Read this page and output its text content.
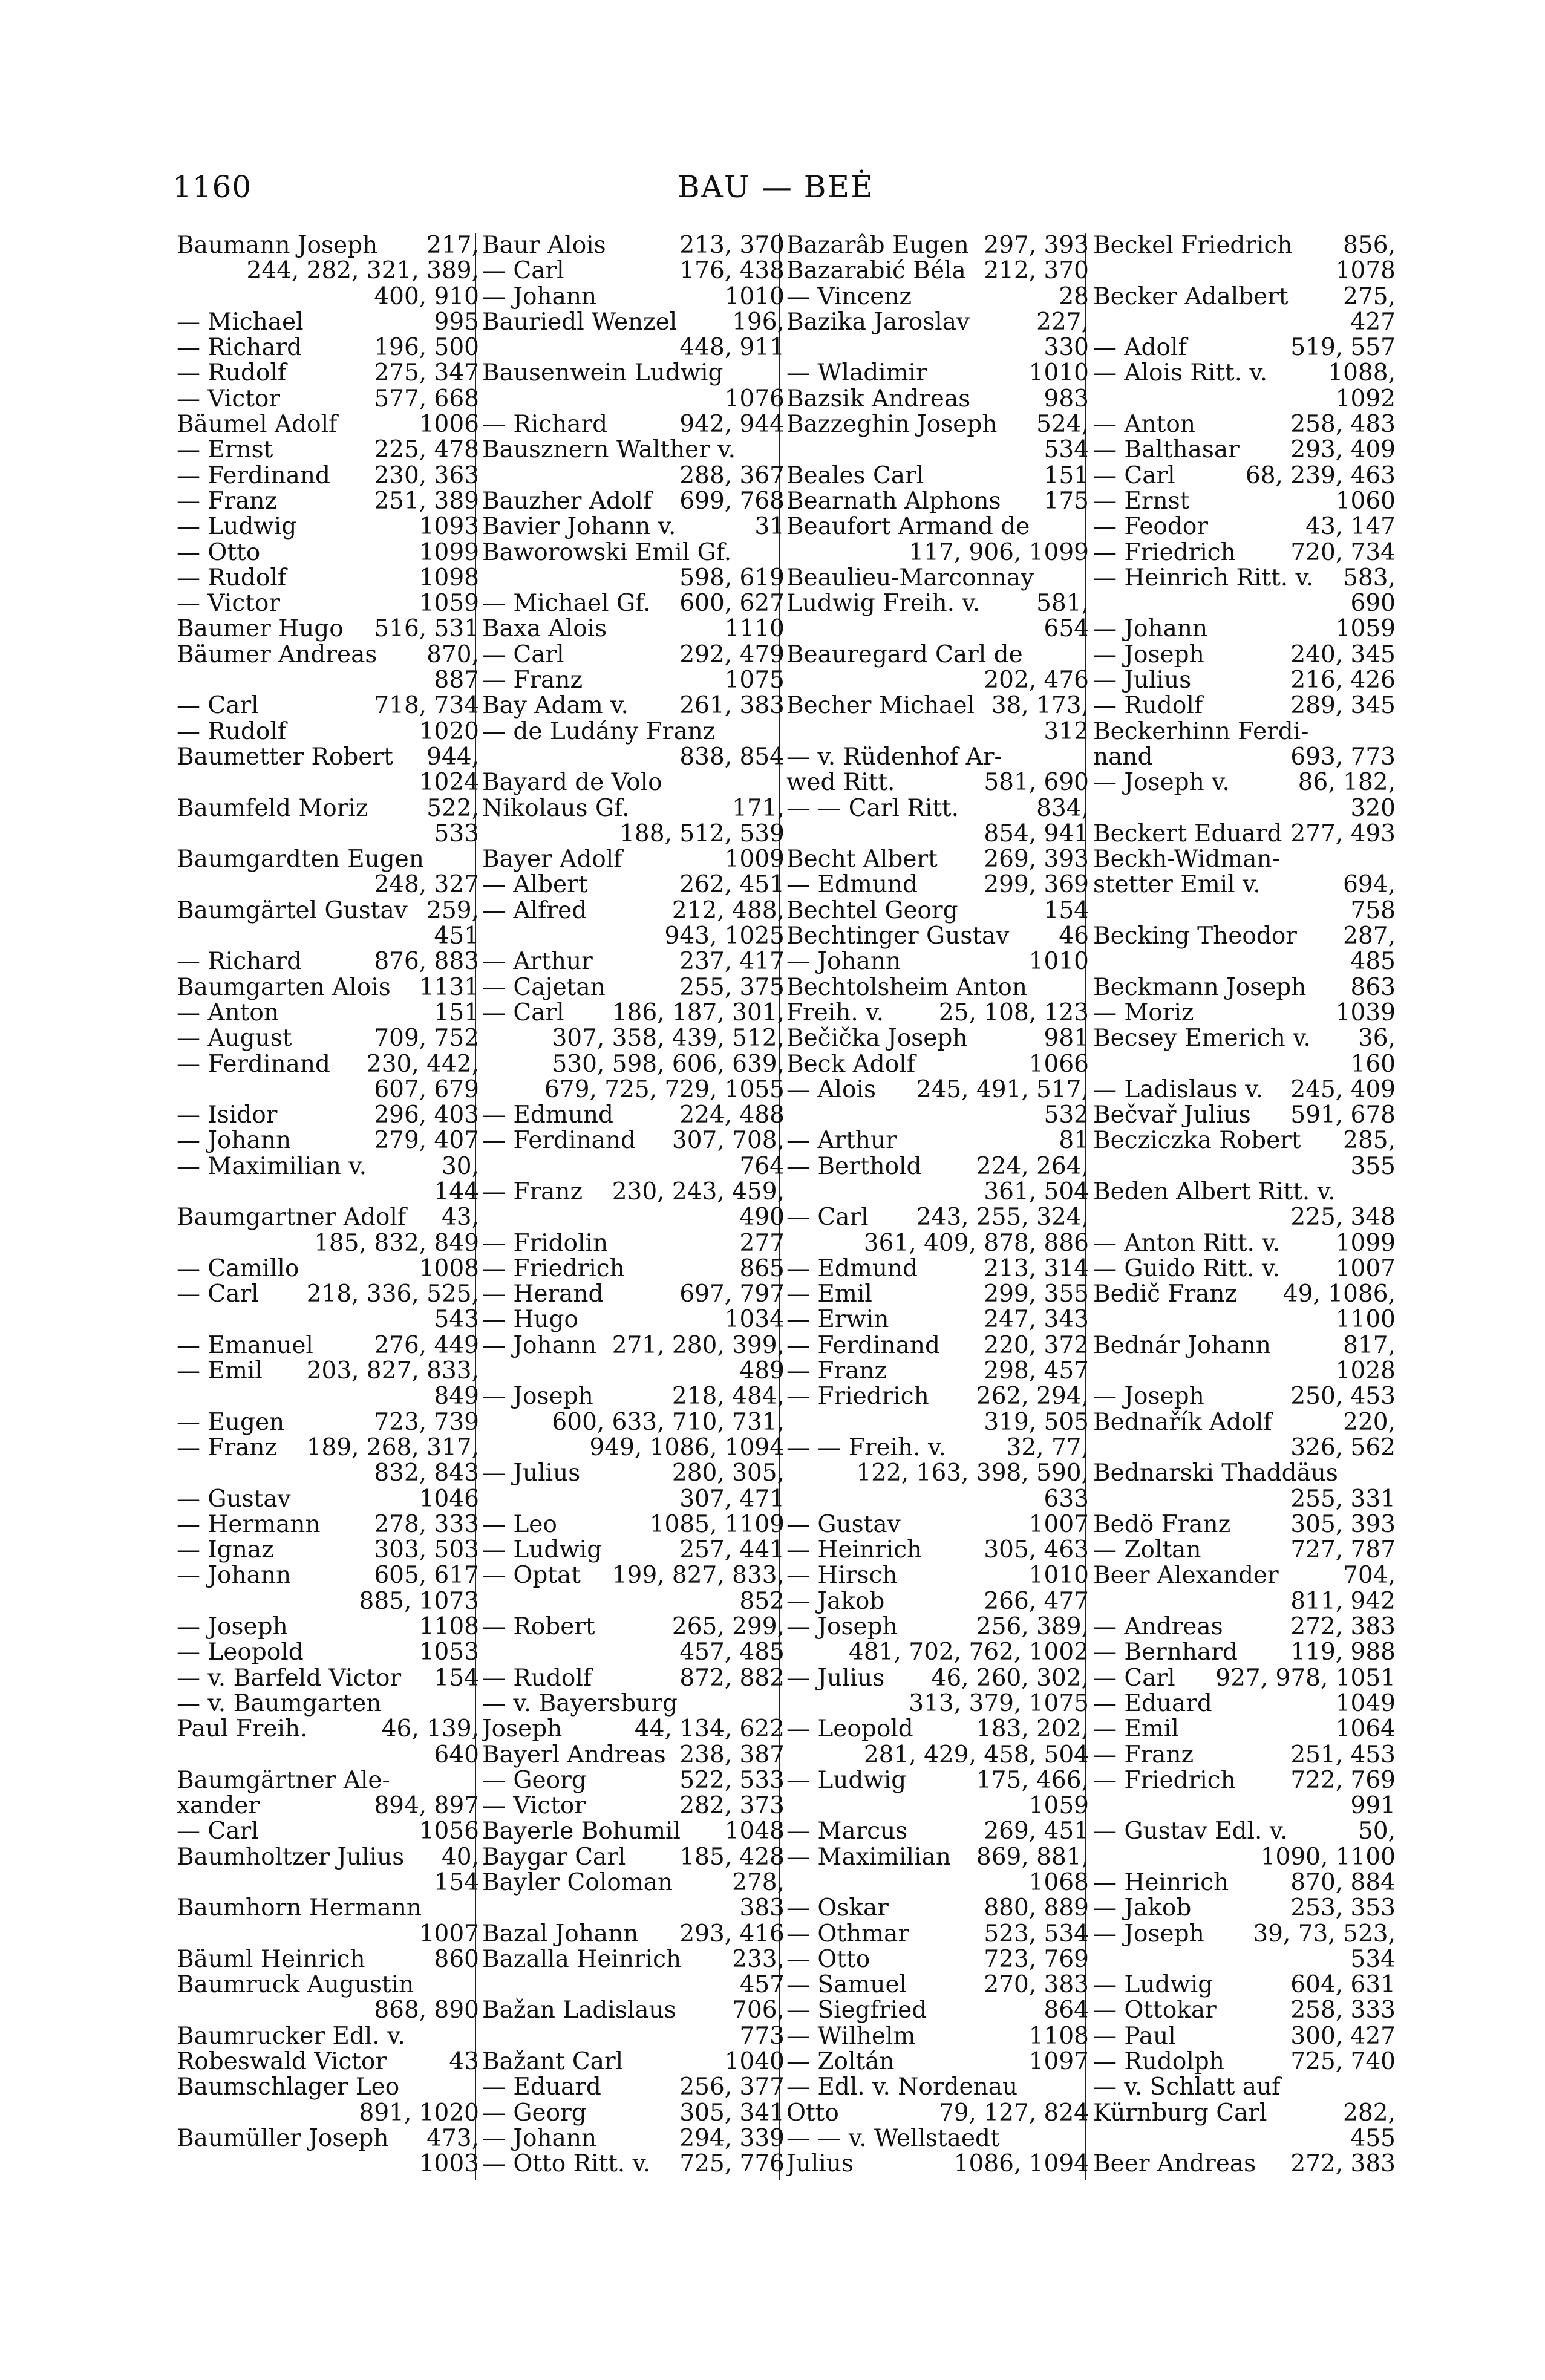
1160	BAU — BEĖ
Baumann Joseph 217,
244, 282, 321, 389,
400, 910
— Michael	995
— Richard	196, 500
— Rudolf	275, 347
— Victor	577, 668
Bäumel Adolf	1006
— Ernst	225, 478
— Ferdinand 230, 363
— Franz	251, 389
— Ludwig	1093
— Otto	1099
— Rudolf	1098
— Victor	1059
Baumer Hugo 516, 531
Bäumer Andreas 870,
887
— Carl	718, 734
— Rudolf	1020
Baumetter Robert 944,
1024
Baumfeld Moriz 522,
533
Baumgardten Eugen
248, 327
Baumgärtel Gustav 259,
451
— Richard	876, 883
Baumgarten Alois 1131
— Anton	151
— August	709, 752
— Ferdinand 230, 442,
607, 679
— Isidor	296, 403
— Johann	279, 407
— Maximilian v.	30,
144
Baumgartner Adolf 43,
185, 832, 849
— Camillo	1008
— Carl 218, 336, 525,
543
— Emanuel	276, 449
— Emil 203, 827, 833,
849
— Eugen	723, 739
— Franz 189, 268, 317,
832, 843
— Gustav	1046
— Hermann 278, 333
— Ignaz	303, 503
— Johann	605, 617
885, 1073
— Joseph	1108
— Leopold	1053
— v. Barfeld Victor 154
— v. Baumgarten
Paul Freih.	46, 139,
640
Baumgärtner Ale-
xander	894, 897
— Carl	1056
Baumholtzer Julius 40,
154
Baumhorn Hermann
1007
Bäuml Heinrich	860
Baumruck Augustin
868, 890
Baumrucker Edl. v.
Robeswald Victor	43
Baumschlager Leo
891, 1020
Baumüller Joseph 473,
1003
Baur Alois	213, 370
— Carl	176, 438
— Johann	1010
Bauriedl Wenzel 196,
448, 911
Bausenwein Ludwig
1076
— Richard	942, 944
Bausznern Walther v.
288, 367
Bauzher Adolf 699, 768
Bavier Johann v.	31
Baworowski Emil Gf.
598, 619
— Michael Gf. 600, 627
Baxa Alois	1110
— Carl	292, 479
— Franz	1075
Bay Adam v. 261, 383
— de Ludány Franz
838, 854
Bayard de Volo
Nikolaus Gf.	171,
188, 512, 539
Bayer Adolf	1009
— Albert	262, 451
— Alfred	212, 488,
943, 1025
— Arthur	237, 417
— Cajetan	255, 375
— Carl 186, 187, 301,
307, 358, 439, 512,
530, 598, 606, 639,
679, 725, 729, 1055
— Edmund	224, 488
— Ferdinand 307, 708,
764
— Franz 230, 243, 459,
490
— Fridolin	277
— Friedrich	865
— Herand	697, 797
— Hugo	1034
— Johann 271, 280, 399,
489
— Joseph	218, 484,
600, 633, 710, 731,
949, 1086, 1094
— Julius	280, 305,
307, 471
— Leo	1085, 1109
— Ludwig	257, 441
— Optat 199, 827, 833,
852
— Robert	265, 299,
457, 485
— Rudolf	872, 882
— v. Bayersburg
Joseph	44, 134, 622
Bayerl Andreas 238, 387
— Georg	522, 533
— Victor	282, 373
Bayerle Bohumil 1048
Baygar Carl 185, 428
Bayler Coloman	278,
383
Bazal Johann 293, 416
Bazalla Heinrich 233,
457
Bažan Ladislaus 706,
773
Bažant Carl	1040
— Eduard	256, 377
— Georg	305, 341
— Johann	294, 339
— Otto Ritt. v. 725, 776
Bazarâb Eugen 297, 393
Bazarabić Béla 212, 370
— Vincenz	28
Bazika Jaroslav	227,
330
— Wladimir	1010
Bazsik Andreas	983
Bazzeghin Joseph 524,
534
Beales Carl	151
Bearnath Alphons 175
Beaufort Armand de
117, 906, 1099
Beaulieu-Marconnay
Ludwig Freih. v. 581,
654
Beauregard Carl de
202, 476
Becher Michael 38, 173,
312
— v. Rüdenhof Ar-
wed Ritt.	581, 690
— — Carl Ritt.	834,
854, 941
Becht Albert 269, 393
— Edmund	299, 369
Bechtel Georg	154
Bechtinger Gustav 46
— Johann	1010
Bechtolsheim Anton
Freih. v. 25, 108, 123
Bečička Joseph	981
Beck Adolf	1066
— Alois 245, 491, 517,
532
— Arthur	81
— Berthold 224, 264,
361, 504
— Carl 243, 255, 324,
361, 409, 878, 886
— Edmund	213, 314
— Emil	299, 355
— Erwin	247, 343
— Ferdinand 220, 372
— Franz	298, 457
— Friedrich 262, 294,
319, 505
— — Freih. v.	32, 77,
122, 163, 398, 590,
633
— Gustav	1007
— Heinrich	305, 463
— Hirsch	1010
— Jakob	266, 477
— Joseph	256, 389,
481, 702, 762, 1002
— Julius 46, 260, 302,
313, 379, 1075
— Leopold	183, 202,
281, 429, 458, 504
— Ludwig	175, 466,
1059
— Marcus	269, 451
— Maximilian 869, 881,
1068
— Oskar	880, 889
— Othmar	523, 534
— Otto	723, 769
— Samuel	270, 383
— Siegfried	864
— Wilhelm	1108
— Zoltán	1097
— Edl. v. Nordenau
Otto	79, 127, 824
— — v. Wellstaedt
Julius	1086, 1094
Beckel Friedrich 856,
1078
Becker Adalbert 275,
427
— Adolf	519, 557
— Alois Ritt. v.	1088,
1092
— Anton	258, 483
— Balthasar 293, 409
— Carl	68, 239, 463
— Ernst	1060
— Feodor	43, 147
— Friedrich 720, 734
— Heinrich Ritt. v. 583,
690
— Johann	1059
— Joseph	240, 345
— Julius	216, 426
— Rudolf	289, 345
Beckerhinn Ferdi-
nand	693, 773
— Joseph v.	86, 182,
320
Beckert Eduard 277, 493
Beckh-Widman-
stetter Emil v.	694,
758
Becking Theodor 287,
485
Beckmann Joseph 863
— Moriz	1039
Becsey Emerich v. 36,
160
— Ladislaus v. 245, 409
Bečvař Julius 591, 678
Becziczka Robert 285,
355
Beden Albert Ritt. v.
225, 348
— Anton Ritt. v. 1099
— Guido Ritt. v. 1007
Bedič Franz 49, 1086,
1100
Bednár Johann	817,
1028
— Joseph	250, 453
Bednařík Adolf	220,
326, 562
Bednarski Thaddäus
255, 331
Bedö Franz	305, 393
— Zoltan	727, 787
Beer Alexander	704,
811, 942
— Andreas	272, 383
— Bernhard 119, 988
— Carl 927, 978, 1051
— Eduard	1049
— Emil	1064
— Franz	251, 453
— Friedrich 722, 769
991
— Gustav Edl. v.	50,
1090, 1100
— Heinrich	870, 884
— Jakob	253, 353
— Joseph 39, 73, 523,
534
— Ludwig	604, 631
— Ottokar	258, 333
— Paul	300, 427
— Rudolph	725, 740
— v. Schlatt auf
Kürnburg Carl	282,
455
Beer Andreas 272, 383
